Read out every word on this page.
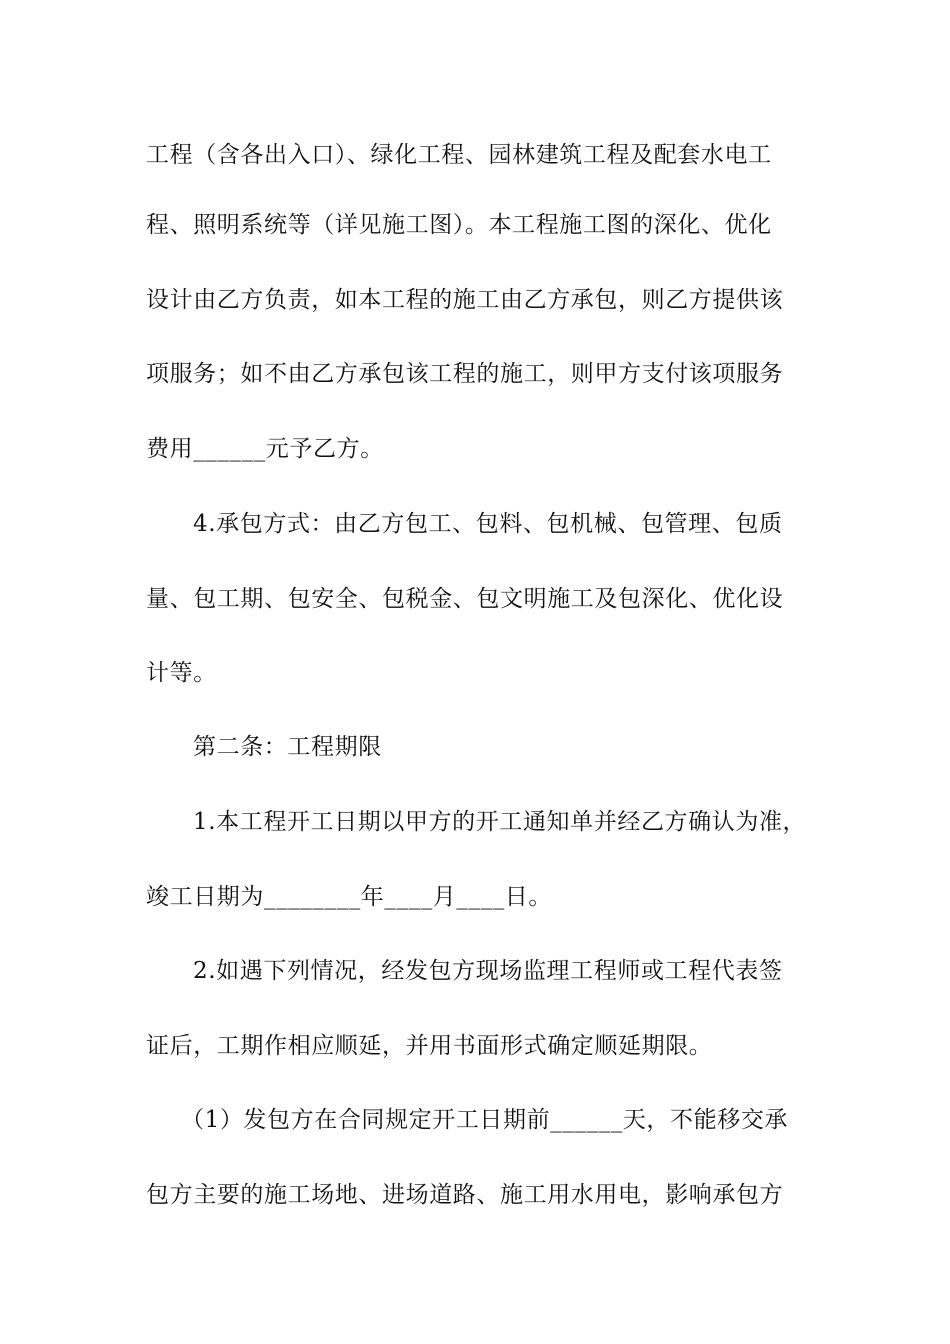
工程（含各出入口）、绿化工程、园林建筑工程及配套水电工
程、照明系统等（详见施工图）。本工程施工图的深化、优化
设计由乙方负责，如本工程的施工由乙方承包，则乙方提供该
项服务；如不由乙方承包该工程的施工，则甲方支付该项服务
费用______元予乙方。
4.承包方式：由乙方包工、包料、包机械、包管理、包质
量、包工期、包安全、包税金、包文明施工及包深化、优化设
计等。
第二条：工程期限
1.本工程开工日期以甲方的开工通知单并经乙方确认为准，
竣工日期为________年____月____日。
2.如遇下列情况，经发包方现场监理工程师或工程代表签
证后，工期作相应顺延，并用书面形式确定顺延期限。
（1）发包方在合同规定开工日期前______天，不能移交承
包方主要的施工场地、进场道路、施工用水用电，影响承包方
